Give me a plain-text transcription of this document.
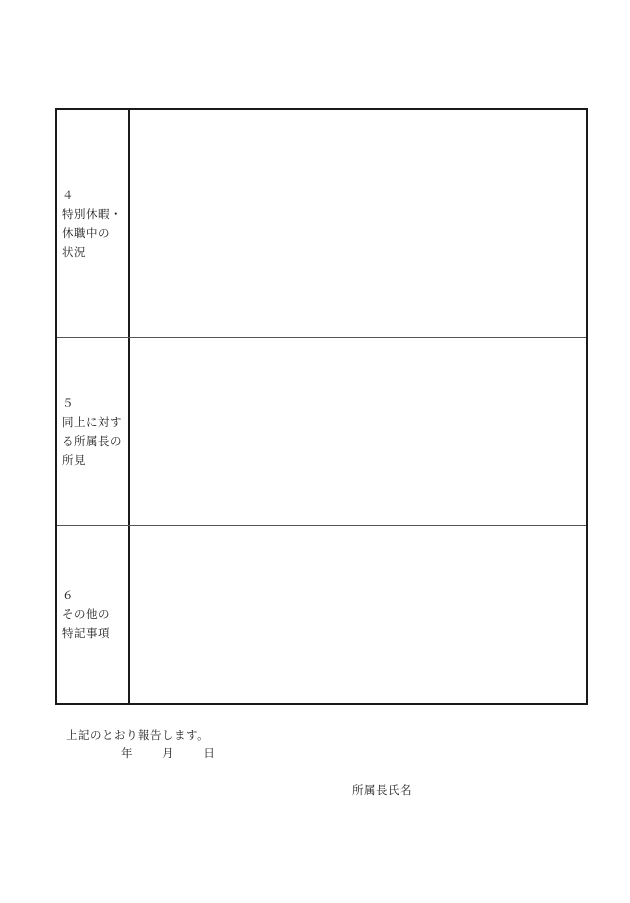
４
特別休暇・
休職中の
状況
５
同上に対す
る所属長の
所見
６
その他の
特記事項
上記のとおり報告します。
年	月	日
所属長氏名
